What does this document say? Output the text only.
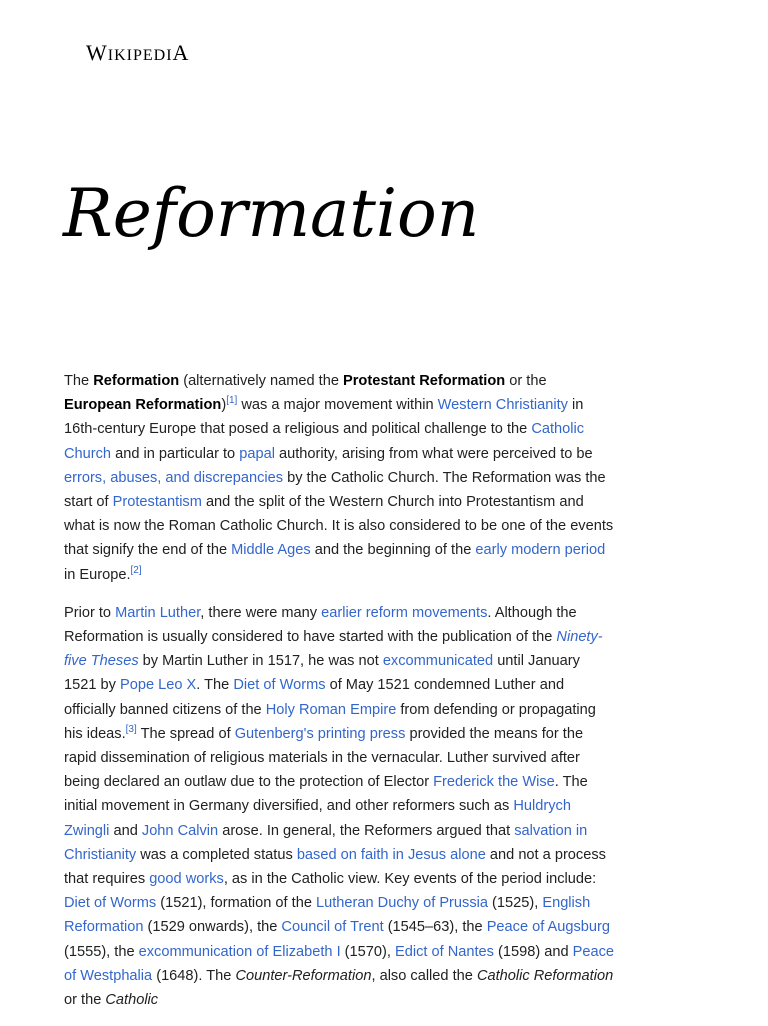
WIKIPEDIA
Reformation

The Reformation (alternatively named the Protestant Reformation or the European Reformation)[1] was a major movement within Western Christianity in 16th-century Europe that posed a religious and political challenge to the Catholic Church and in particular to papal authority, arising from what were perceived to be errors, abuses, and discrepancies by the Catholic Church. The Reformation was the start of Protestantism and the split of the Western Church into Protestantism and what is now the Roman Catholic Church. It is also considered to be one of the events that signify the end of the Middle Ages and the beginning of the early modern period in Europe.[2]

Prior to Martin Luther, there were many earlier reform movements. Although the Reformation is usually considered to have started with the publication of the Ninety-five Theses by Martin Luther in 1517, he was not excommunicated until January 1521 by Pope Leo X. The Diet of Worms of May 1521 condemned Luther and officially banned citizens of the Holy Roman Empire from defending or propagating his ideas.[3] The spread of Gutenberg's printing press provided the means for the rapid dissemination of religious materials in the vernacular. Luther survived after being declared an outlaw due to the protection of Elector Frederick the Wise. The initial movement in Germany diversified, and other reformers such as Huldrych Zwingli and John Calvin arose. In general, the Reformers argued that salvation in Christianity was a completed status based on faith in Jesus alone and not a process that requires good works, as in the Catholic view. Key events of the period include: Diet of Worms (1521), formation of the Lutheran Duchy of Prussia (1525), English Reformation (1529 onwards), the Council of Trent (1545–63), the Peace of Augsburg (1555), the excommunication of Elizabeth I (1570), Edict of Nantes (1598) and Peace of Westphalia (1648). The Counter-Reformation, also called the Catholic Reformation or the Catholic
